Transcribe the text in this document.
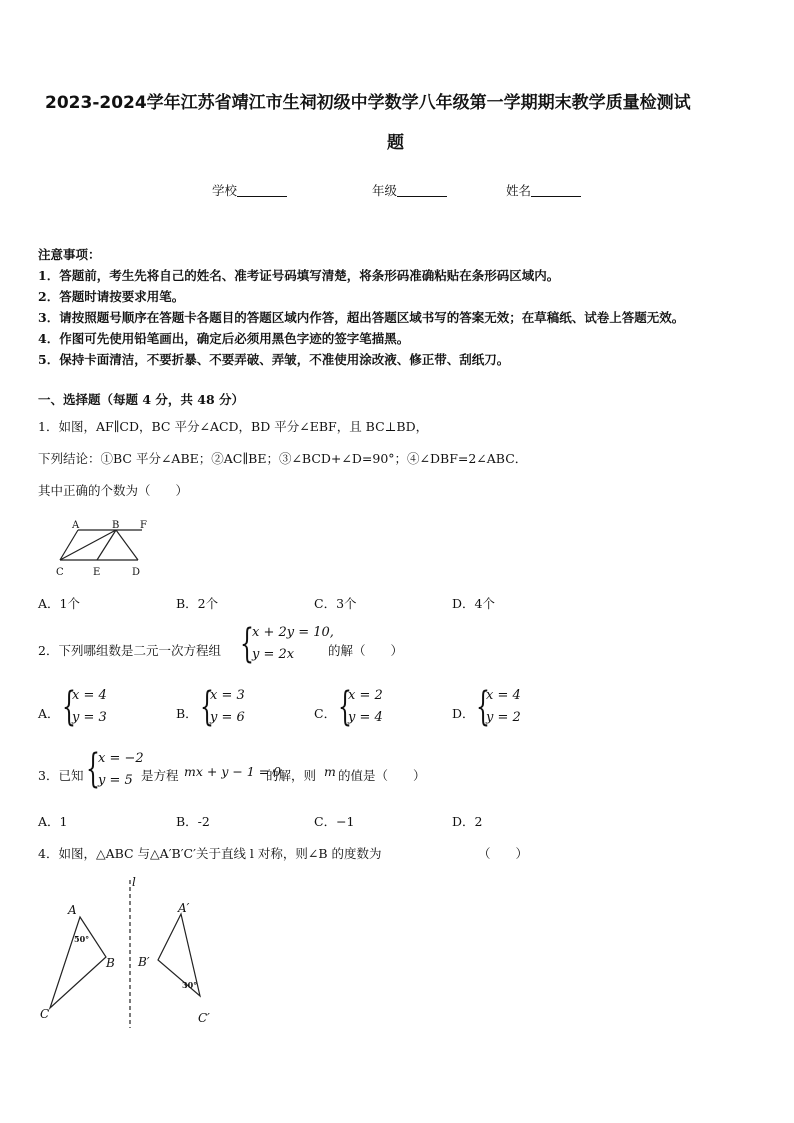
2023-2024学年江苏省靖江市生祠初级中学数学八年级第一学期期末教学质量检测试
题
学校	年级	姓名
注意事项：
1．答题前，考生先将自己的姓名、准考证号码填写清楚，将条形码准确粘贴在条形码区域内。
2．答题时请按要求用笔。
3．请按照题号顺序在答题卡各题目的答题区域内作答，超出答题区域书写的答案无效；在草稿纸、试卷上答题无效。
4．作图可先使用铅笔画出，确定后必须用黑色字迹的签字笔描黑。
5．保持卡面清洁，不要折暴、不要弄破、弄皱，不准使用涂改液、修正带、刮纸刀。
一、选择题（每题 4 分，共 48 分）
1．如图，AF∥CD，BC 平分∠ACD，BD 平分∠EBF，且 BC⊥BD，
下列结论：①BC 平分∠ABE；②AC∥BE；③∠BCD+∠D=90°；④∠DBF=2∠ABC．
其中正确的个数为（　　）
A	B F
C	E	D
A．1个	B．2个	C．3个	D．4个
2．下列哪组数是二元一次方程组 {
x + 2y = 10,
y = 2x	的解（　　）
A． {
x = 4
y = 3	B． {
x = 3
y = 6	C． {
x = 2
y = 4	D． {
x = 4
y = 2
3．已知 {
x = −2
y = 5 是方程 mx + y − 1 = 0
的解，则 m 的值是（　　）
A．1	B．-2	C．−1	D．2
4．如图，△ABC 与△A′B′C′关于直线 l 对称，则∠B 的度数为	（　　）
l
A
B
C
A′
B′
C′
50°
30°
